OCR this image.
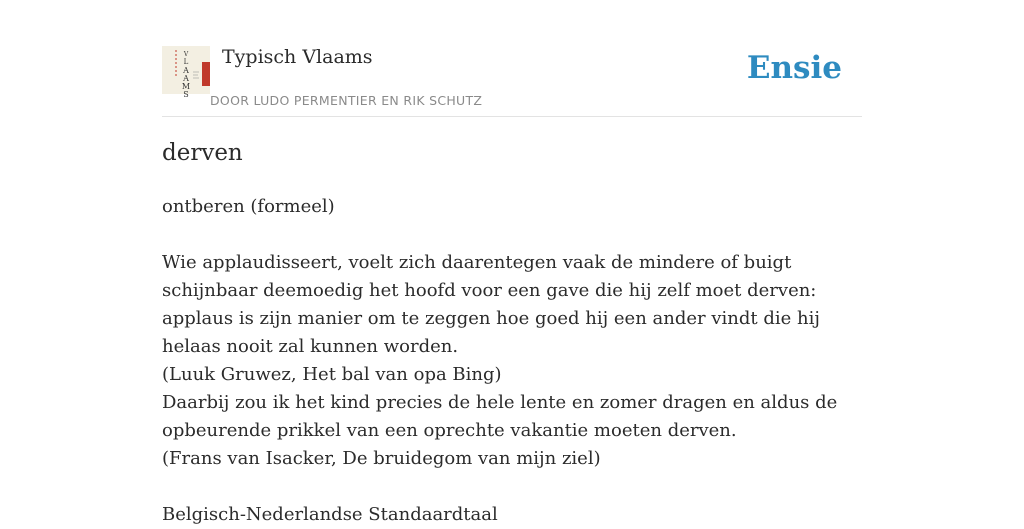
V
L
A
A
M
S
Typisch Vlaams
DOOR LUDO PERMENTIER EN RIK SCHUTZ
Ensie
derven

ontberen (formeel)

Wie applaudisseert, voelt zich daarentegen vaak de mindere of buigt schijnbaar deemoedig het hoofd voor een gave die hij zelf moet derven: applaus is zijn manier om te zeggen hoe goed hij een ander vindt die hij helaas nooit zal kunnen worden.
(Luuk Gruwez, Het bal van opa Bing)
Daarbij zou ik het kind precies de hele lente en zomer dragen en aldus de opbeurende prikkel van een oprechte vakantie moeten derven.
(Frans van Isacker, De bruidegom van mijn ziel)

Belgisch-Nederlandse Standaardtaal
